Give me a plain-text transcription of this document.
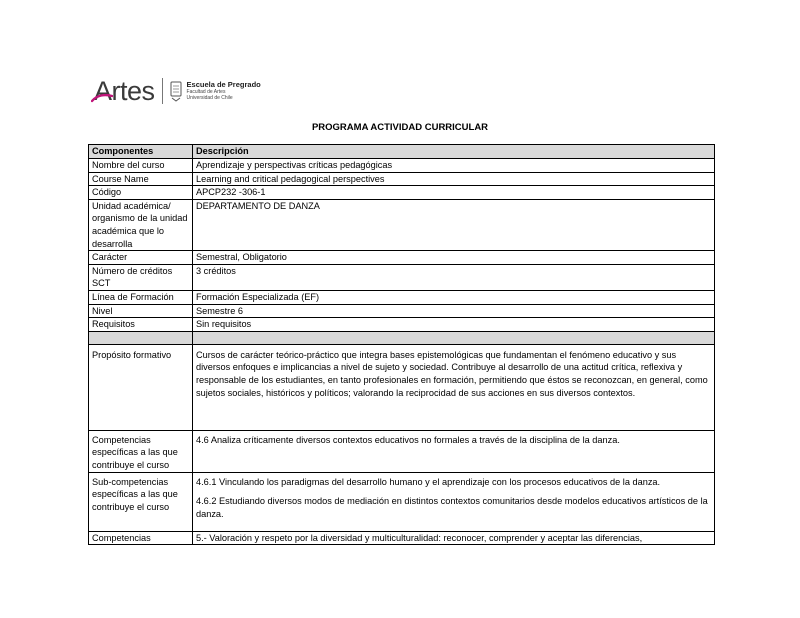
Artes	Escuela de Pregrado
Facultad de Artes
Universidad de Chile
PROGRAMA ACTIVIDAD CURRICULAR
Componentes	Descripción
Nombre del curso	Aprendizaje y perspectivas críticas pedagógicas
Course Name	Learning and critical pedagogical perspectives
Código	APCP232 -306-1
Unidad académica/ organismo de la unidad académica que lo desarrolla	DEPARTAMENTO DE DANZA
Carácter	Semestral, Obligatorio
Número de créditos SCT	3 créditos
Línea de Formación	Formación Especializada (EF)
Nivel	Semestre 6
Requisitos	Sin requisitos

Propósito formativo	Cursos de carácter teórico-práctico que integra bases epistemológicas que fundamentan el fenómeno educativo y sus diversos enfoques e implicancias a nivel de sujeto y sociedad. Contribuye al desarrollo de una actitud crítica, reflexiva y responsable de los estudiantes, en tanto profesionales en formación, permitiendo que éstos se reconozcan, en general, como sujetos sociales, históricos y políticos; valorando la reciprocidad de sus acciones en sus diversos contextos.
Competencias específicas a las que contribuye el curso	4.6 Analiza críticamente diversos contextos educativos no formales a través de la disciplina de la danza.
Sub-competencias específicas a las que contribuye el curso	4.6.1 Vinculando los paradigmas del desarrollo humano y el aprendizaje con los procesos educativos de la danza.

4.6.2 Estudiando diversos modos de mediación en distintos contextos comunitarios desde modelos educativos artísticos de la danza.

Competencias	5.- Valoración y respeto por la diversidad y multiculturalidad: reconocer, comprender y aceptar las diferencias,
